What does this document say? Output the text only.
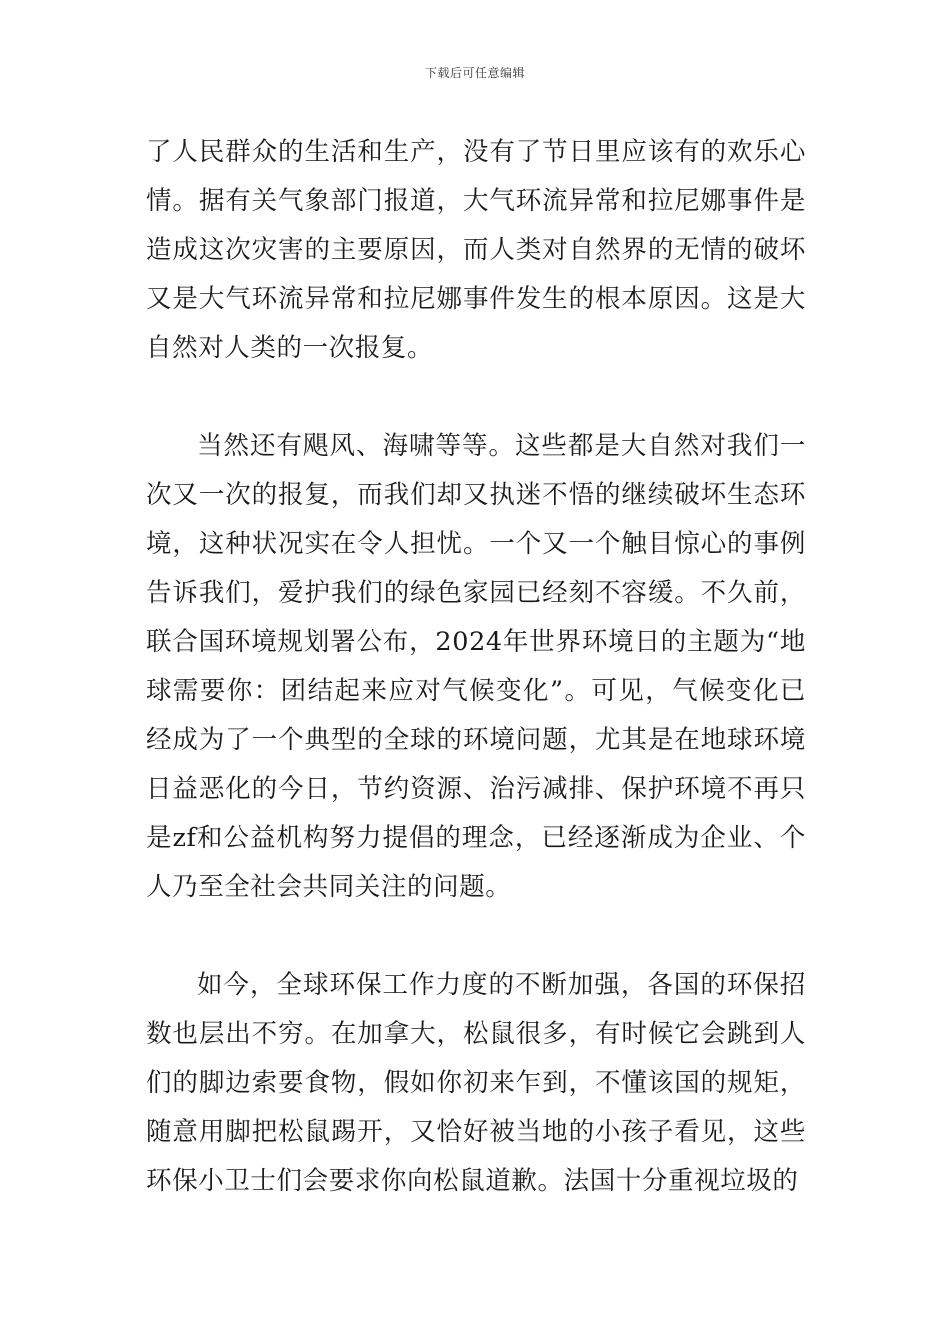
下载后可任意编辑

了人民群众的生活和生产，没有了节日里应该有的欢乐心情。据有关气象部门报道，大气环流异常和拉尼娜事件是造成这次灾害的主要原因，而人类对自然界的无情的破坏又是大气环流异常和拉尼娜事件发生的根本原因。这是大自然对人类的一次报复。

当然还有飓风、海啸等等。这些都是大自然对我们一次又一次的报复，而我们却又执迷不悟的继续破坏生态环境，这种状况实在令人担忧。一个又一个触目惊心的事例告诉我们，爱护我们的绿色家园已经刻不容缓。不久前，联合国环境规划署公布，2024年世界环境日的主题为“地球需要你：团结起来应对气候变化”。可见，气候变化已经成为了一个典型的全球的环境问题，尤其是在地球环境日益恶化的今日，节约资源、治污减排、保护环境不再只是zf和公益机构努力提倡的理念，已经逐渐成为企业、个人乃至全社会共同关注的问题。

如今，全球环保工作力度的不断加强，各国的环保招数也层出不穷。在加拿大，松鼠很多，有时候它会跳到人们的脚边索要食物，假如你初来乍到，不懂该国的规矩，随意用脚把松鼠踢开，又恰好被当地的小孩子看见，这些环保小卫士们会要求你向松鼠道歉。法国十分重视垃圾的
